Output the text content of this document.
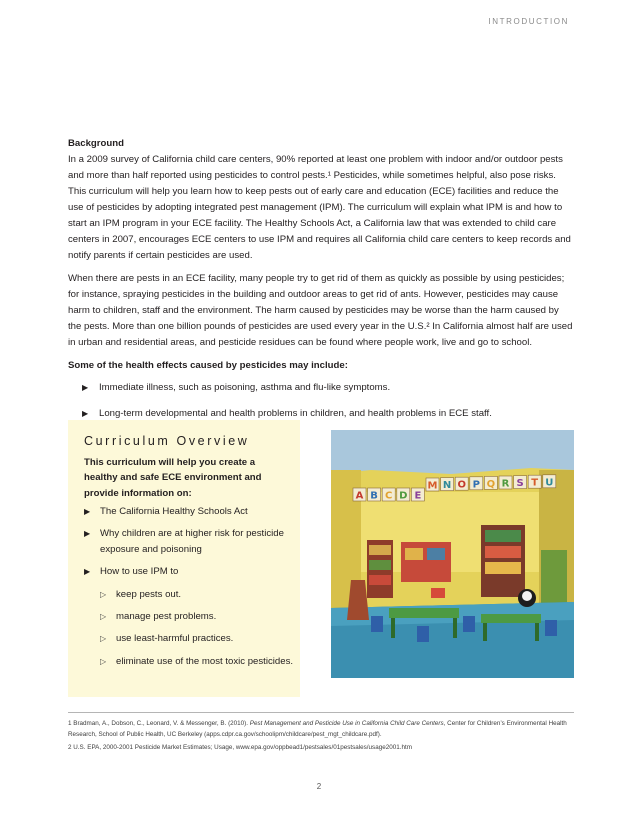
INTRODUCTION

Background
In a 2009 survey of California child care centers, 90% reported at least one problem with indoor and/or outdoor pests and more than half reported using pesticides to control pests.¹ Pesticides, while sometimes helpful, also pose risks. This curriculum will help you learn how to keep pests out of early care and education (ECE) facilities and reduce the use of pesticides by adopting integrated pest management (IPM). The curriculum will explain what IPM is and how to start an IPM program in your ECE facility. The Healthy Schools Act, a California law that was extended to child care centers in 2007, encourages ECE centers to use IPM and requires all California child care centers to keep records and notify parents if certain pesticides are used.

When there are pests in an ECE facility, many people try to get rid of them as quickly as possible by using pesticides; for instance, spraying pesticides in the building and outdoor areas to get rid of ants. However, pesticides may cause harm to children, staff and the environment. The harm caused by pesticides may be worse than the harm caused by the pests. More than one billion pounds of pesticides are used every year in the U.S.² In California almost half are used in urban and residential areas, and pesticide residues can be found where people work, live and go to school.

Some of the health effects caused by pesticides may include:

▶ Immediate illness, such as poisoning, asthma and flu-like symptoms.
▶ Long-term developmental and health problems in children, and health problems in ECE staff.
Curriculum Overview
This curriculum will help you create a healthy and safe ECE environment and provide information on:
▶ The California Healthy Schools Act
▶ Why children are at higher risk for pesticide exposure and poisoning
▶ How to use IPM to
▷ keep pests out.
▷ manage pest problems.
▷ use least-harmful practices.
▷ eliminate use of the most toxic pesticides.
A B C D E
M N O P Q R S T U

1 Bradman, A., Dobson, C., Leonard, V. & Messenger, B. (2010). Pest Management and Pesticide Use in California Child Care Centers, Center for Children’s Environmental Health Research, School of Public Health, UC Berkeley (apps.cdpr.ca.gov/schoolipm/childcare/pest_mgt_childcare.pdf).

2 U.S. EPA, 2000-2001 Pesticide Market Estimates; Usage, www.epa.gov/oppbead1/pestsales/01pestsales/usage2001.htm

2
